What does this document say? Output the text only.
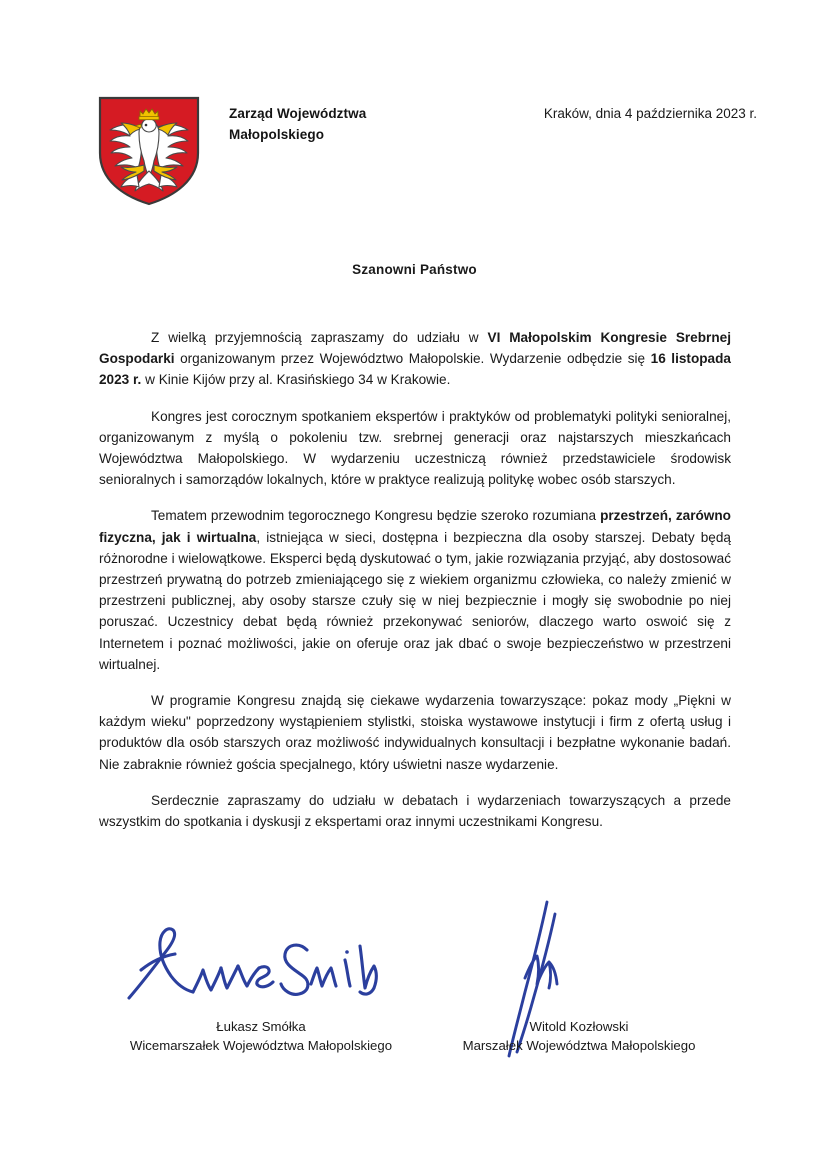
Zarząd Województwa
Małopolskiego
Kraków, dnia 4 października 2023 r.
Szanowni Państwo

Z wielką przyjemnością zapraszamy do udziału w VI Małopolskim Kongresie Srebrnej Gospodarki organizowanym przez Województwo Małopolskie. Wydarzenie odbędzie się 16 listopada 2023 r. w Kinie Kijów przy al. Krasińskiego 34 w Krakowie.

Kongres jest corocznym spotkaniem ekspertów i praktyków od problematyki polityki senioralnej, organizowanym z myślą o pokoleniu tzw. srebrnej generacji oraz najstarszych mieszkańcach Województwa Małopolskiego. W wydarzeniu uczestniczą również przedstawiciele środowisk senioralnych i samorządów lokalnych, które w praktyce realizują politykę wobec osób starszych.

Tematem przewodnim tegorocznego Kongresu będzie szeroko rozumiana przestrzeń, zarówno fizyczna, jak i wirtualna, istniejąca w sieci, dostępna i bezpieczna dla osoby starszej. Debaty będą różnorodne i wielowątkowe. Eksperci będą dyskutować o tym, jakie rozwiązania przyjąć, aby dostosować przestrzeń prywatną do potrzeb zmieniającego się z wiekiem organizmu człowieka, co należy zmienić w przestrzeni publicznej, aby osoby starsze czuły się w niej bezpiecznie i mogły się swobodnie po niej poruszać. Uczestnicy debat będą również przekonywać seniorów, dlaczego warto oswoić się z Internetem i poznać możliwości, jakie on oferuje oraz jak dbać o swoje bezpieczeństwo w przestrzeni wirtualnej.

W programie Kongresu znajdą się ciekawe wydarzenia towarzyszące: pokaz mody „Piękni w każdym wieku" poprzedzony wystąpieniem stylistki, stoiska wystawowe instytucji i firm z ofertą usług i produktów dla osób starszych oraz możliwość indywidualnych konsultacji i bezpłatne wykonanie badań. Nie zabraknie również gościa specjalnego, który uświetni nasze wydarzenie.

Serdecznie zapraszamy do udziału w debatach i wydarzeniach towarzyszących a przede wszystkim do spotkania i dyskusji z ekspertami oraz innymi uczestnikami Kongresu.

Łukasz Smółka
Wicemarszałek Województwa Małopolskiego
Witold Kozłowski
Marszałek Województwa Małopolskiego
